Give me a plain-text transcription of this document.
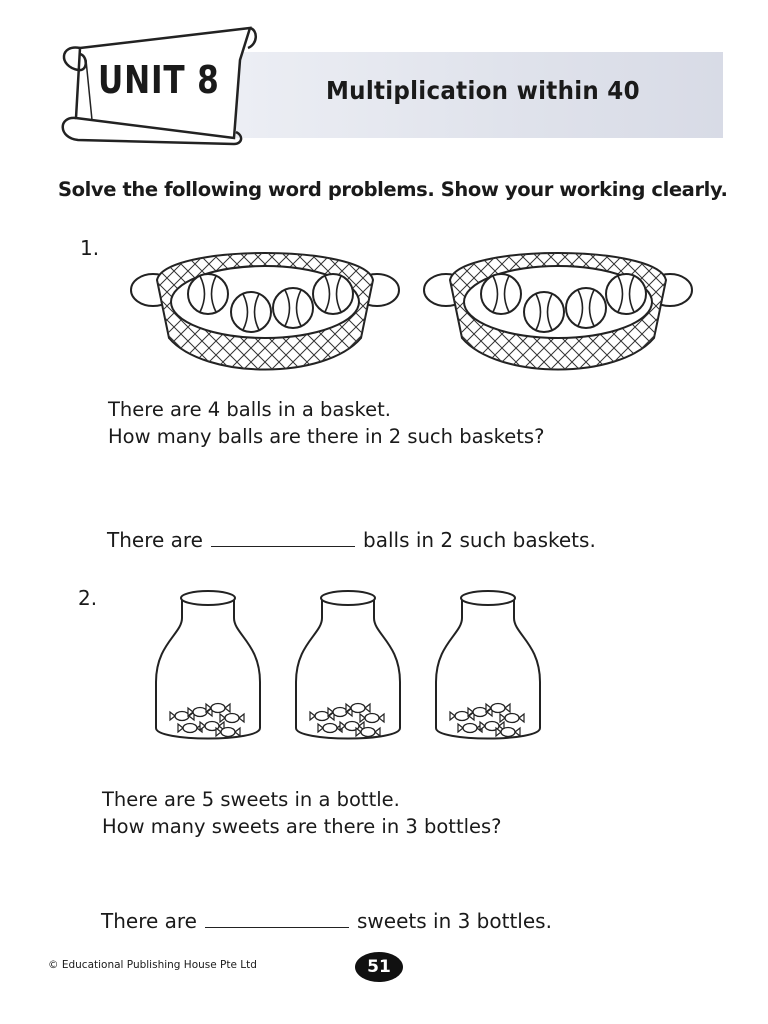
Multiplication within 40
UNIT 8
Solve the following word problems. Show your working clearly.
1.
There are 4 balls in a basket.
How many balls are there in 2 such baskets?
There are	balls in 2 such baskets.
2.
There are 5 sweets in a bottle.
How many sweets are there in 3 bottles?
There are	sweets in 3 bottles.
© Educational Publishing House Pte Ltd	51
